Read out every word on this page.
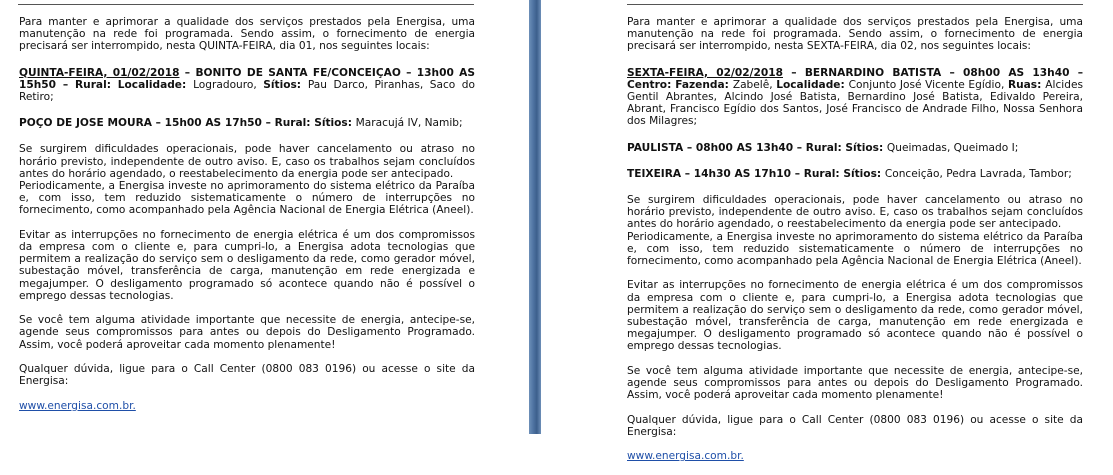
Para manter e aprimorar a qualidade dos serviços prestados pela Energisa, uma manutenção na rede foi programada. Sendo assim, o fornecimento de energia precisará ser interrompido, nesta QUINTA-FEIRA, dia 01, nos seguintes locais:

QUINTA-FEIRA, 01/02/2018 – BONITO DE SANTA FE/CONCEIÇAO – 13h00 AS 15h50 – Rural: Localidade: Logradouro, Sítios: Pau Darco, Piranhas, Saco do Retiro;

POÇO DE JOSE MOURA – 15h00 AS 17h50 – Rural: Sítios: Maracujá IV, Namib;

Se surgirem dificuldades operacionais, pode haver cancelamento ou atraso no horário previsto, independente de outro aviso. E, caso os trabalhos sejam concluídos antes do horário agendado, o reestabelecimento da energia pode ser antecipado.

Periodicamente, a Energisa investe no aprimoramento do sistema elétrico da Paraíba e, com isso, tem reduzido sistematicamente o número de interrupções no fornecimento, como acompanhado pela Agência Nacional de Energia Elétrica (Aneel).

Evitar as interrupções no fornecimento de energia elétrica é um dos compromissos da empresa com o cliente e, para cumpri-lo, a Energisa adota tecnologias que permitem a realização do serviço sem o desligamento da rede, como gerador móvel, subestação móvel, transferência de carga, manutenção em rede energizada e megajumper. O desligamento programado só acontece quando não é possível o emprego dessas tecnologias.

Se você tem alguma atividade importante que necessite de energia, antecipe-se, agende seus compromissos para antes ou depois do Desligamento Programado. Assim, você poderá aproveitar cada momento plenamente!

Qualquer dúvida, ligue para o Call Center (0800 083 0196) ou acesse o site da Energisa:

www.energisa.com.br.

Para manter e aprimorar a qualidade dos serviços prestados pela Energisa, uma manutenção na rede foi programada. Sendo assim, o fornecimento de energia precisará ser interrompido, nesta SEXTA-FEIRA, dia 02, nos seguintes locais:

SEXTA-FEIRA, 02/02/2018 – BERNARDINO BATISTA – 08h00 AS 13h40 – Centro: Fazenda: Zabelê, Localidade: Conjunto José Vicente Egídio, Ruas: Alcides Gentil Abrantes, Alcindo José Batista, Bernardino José Batista, Edivaldo Pereira, Abrant, Francisco Egídio dos Santos, José Francisco de Andrade Filho, Nossa Senhora dos Milagres;

PAULISTA – 08h00 AS 13h40 – Rural: Sítios: Queimadas, Queimado I;

TEIXEIRA – 14h30 AS 17h10 – Rural: Sítios: Conceição, Pedra Lavrada, Tambor;

Se surgirem dificuldades operacionais, pode haver cancelamento ou atraso no horário previsto, independente de outro aviso. E, caso os trabalhos sejam concluídos antes do horário agendado, o reestabelecimento da energia pode ser antecipado.

Periodicamente, a Energisa investe no aprimoramento do sistema elétrico da Paraíba e, com isso, tem reduzido sistematicamente o número de interrupções no fornecimento, como acompanhado pela Agência Nacional de Energia Elétrica (Aneel).

Evitar as interrupções no fornecimento de energia elétrica é um dos compromissos da empresa com o cliente e, para cumpri-lo, a Energisa adota tecnologias que permitem a realização do serviço sem o desligamento da rede, como gerador móvel, subestação móvel, transferência de carga, manutenção em rede energizada e megajumper. O desligamento programado só acontece quando não é possível o emprego dessas tecnologias.

Se você tem alguma atividade importante que necessite de energia, antecipe-se, agende seus compromissos para antes ou depois do Desligamento Programado. Assim, você poderá aproveitar cada momento plenamente!

Qualquer dúvida, ligue para o Call Center (0800 083 0196) ou acesse o site da Energisa:

www.energisa.com.br.
